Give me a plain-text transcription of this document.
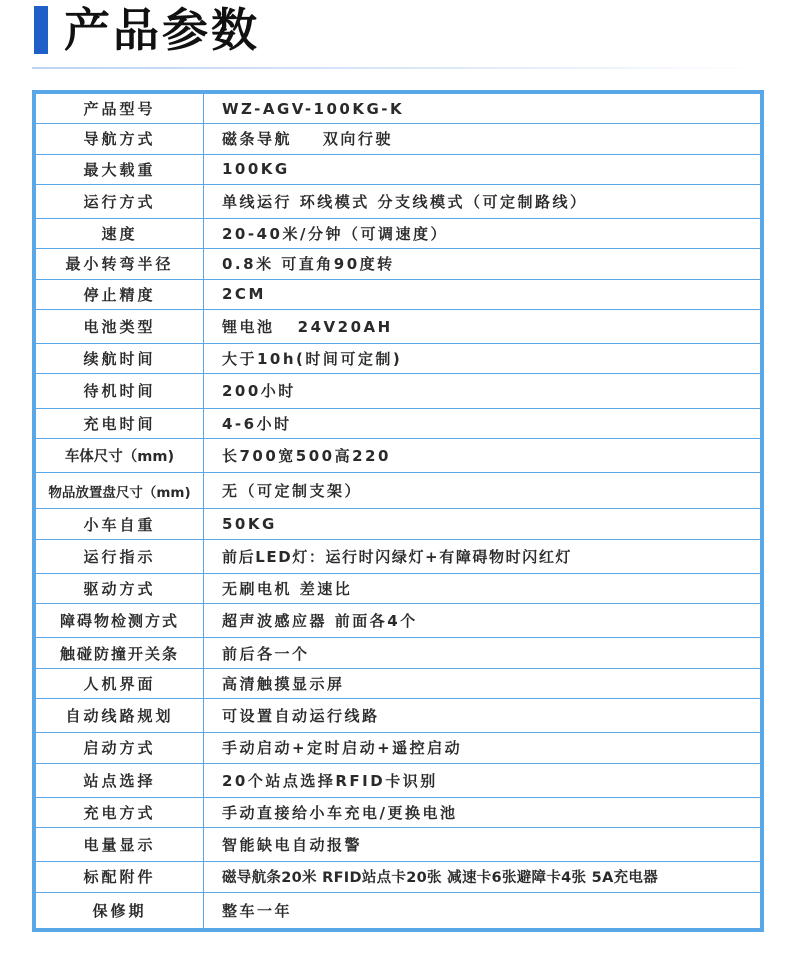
产品参数
产品型号	WZ-AGV-100KG-K
导航方式	磁条导航    双向行驶
最大载重	100KG
运行方式	单线运行 环线模式 分支线模式（可定制路线）
速度	20-40米/分钟（可调速度）
最小转弯半径	0.8米 可直角90度转
停止精度	2CM
电池类型	锂电池   24V20AH
续航时间	大于10h(时间可定制)
待机时间	200小时
充电时间	4-6小时
车体尺寸（mm)	长700宽500高220
物品放置盘尺寸（mm)	无（可定制支架）
小车自重	50KG
运行指示	前后LED灯：运行时闪绿灯+有障碍物时闪红灯
驱动方式	无刷电机 差速比
障碍物检测方式	超声波感应器 前面各4个
触碰防撞开关条	前后各一个
人机界面	高清触摸显示屏
自动线路规划	可设置自动运行线路
启动方式	手动启动+定时启动+遥控启动
站点选择	20个站点选择RFID卡识别
充电方式	手动直接给小车充电/更换电池
电量显示	智能缺电自动报警
标配附件	磁导航条20米 RFID站点卡20张 减速卡6张避障卡4张 5A充电器
保修期	整车一年
